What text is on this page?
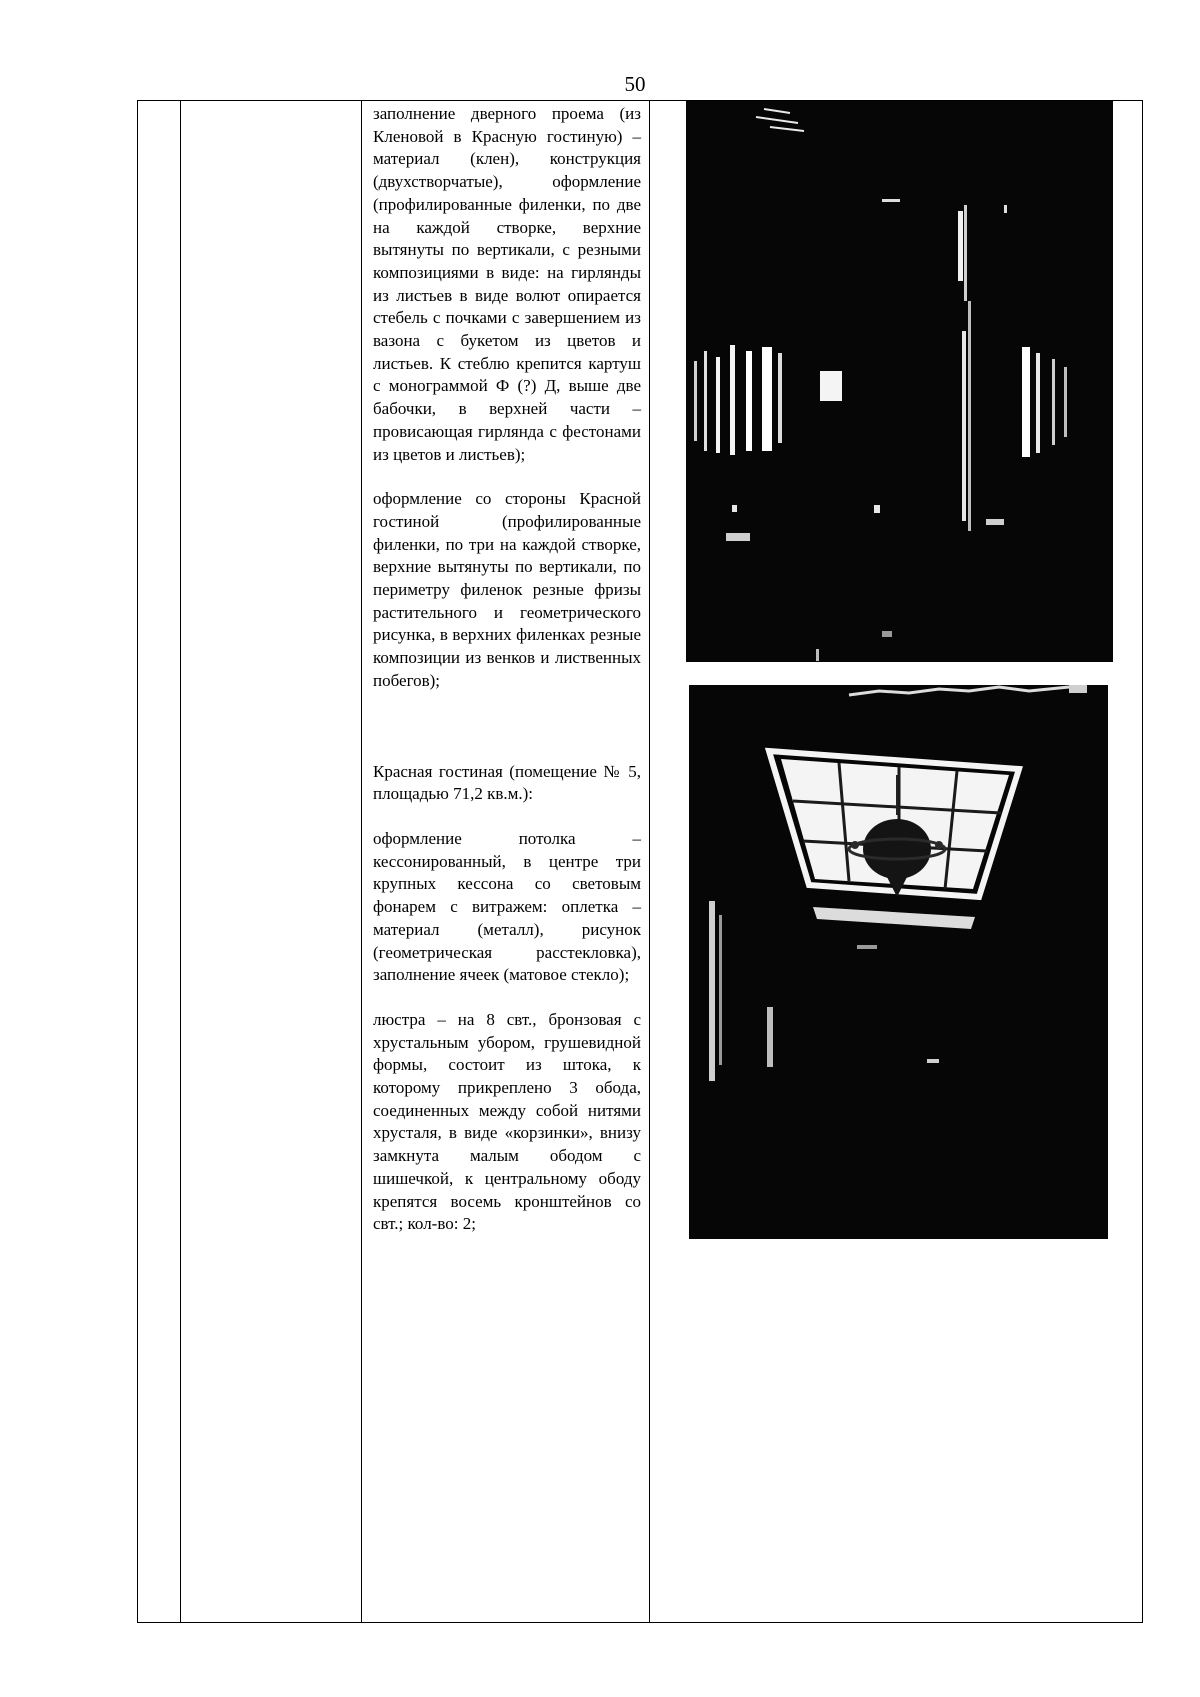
50

заполнение дверного проема (из Кленовой в Красную гостиную) – материал (клен), конструкция (двухстворчатые), оформление (профилированные филенки, по две на каждой створке, верхние вытянуты по вертикали, с резными композициями в виде: на гирлянды из листьев в виде волют опирается стебель с почками с завершением из вазона с букетом из цветов и листьев. К стеблю крепится картуш с монограммой Ф (?) Д, выше две бабочки, в верхней части – провисающая гирлянда с фестонами из цветов и листьев);

оформление со стороны Красной гостиной (профилированные филенки, по три на каждой створке, верхние вытянуты по вертикали, по периметру филенок резные фризы растительного и геометрического рисунка, в верхних филенках резные композиции из венков и лиственных побегов);

Красная гостиная (помещение № 5, площадью 71,2 кв.м.):

оформление потолка – кессонированный, в центре три крупных кессона со световым фонарем с витражем: оплетка – материал (металл), рисунок (геометрическая расстекловка), заполнение ячеек (матовое стекло);

люстра – на 8 свт., бронзовая с хрустальным убором, грушевидной формы, состоит из штока, к которому прикреплено 3 обода, соединенных между собой нитями хрусталя, в виде «корзинки», внизу замкнута малым ободом с шишечкой, к центральному ободу крепятся восемь кронштейнов со свт.; кол-во: 2;
